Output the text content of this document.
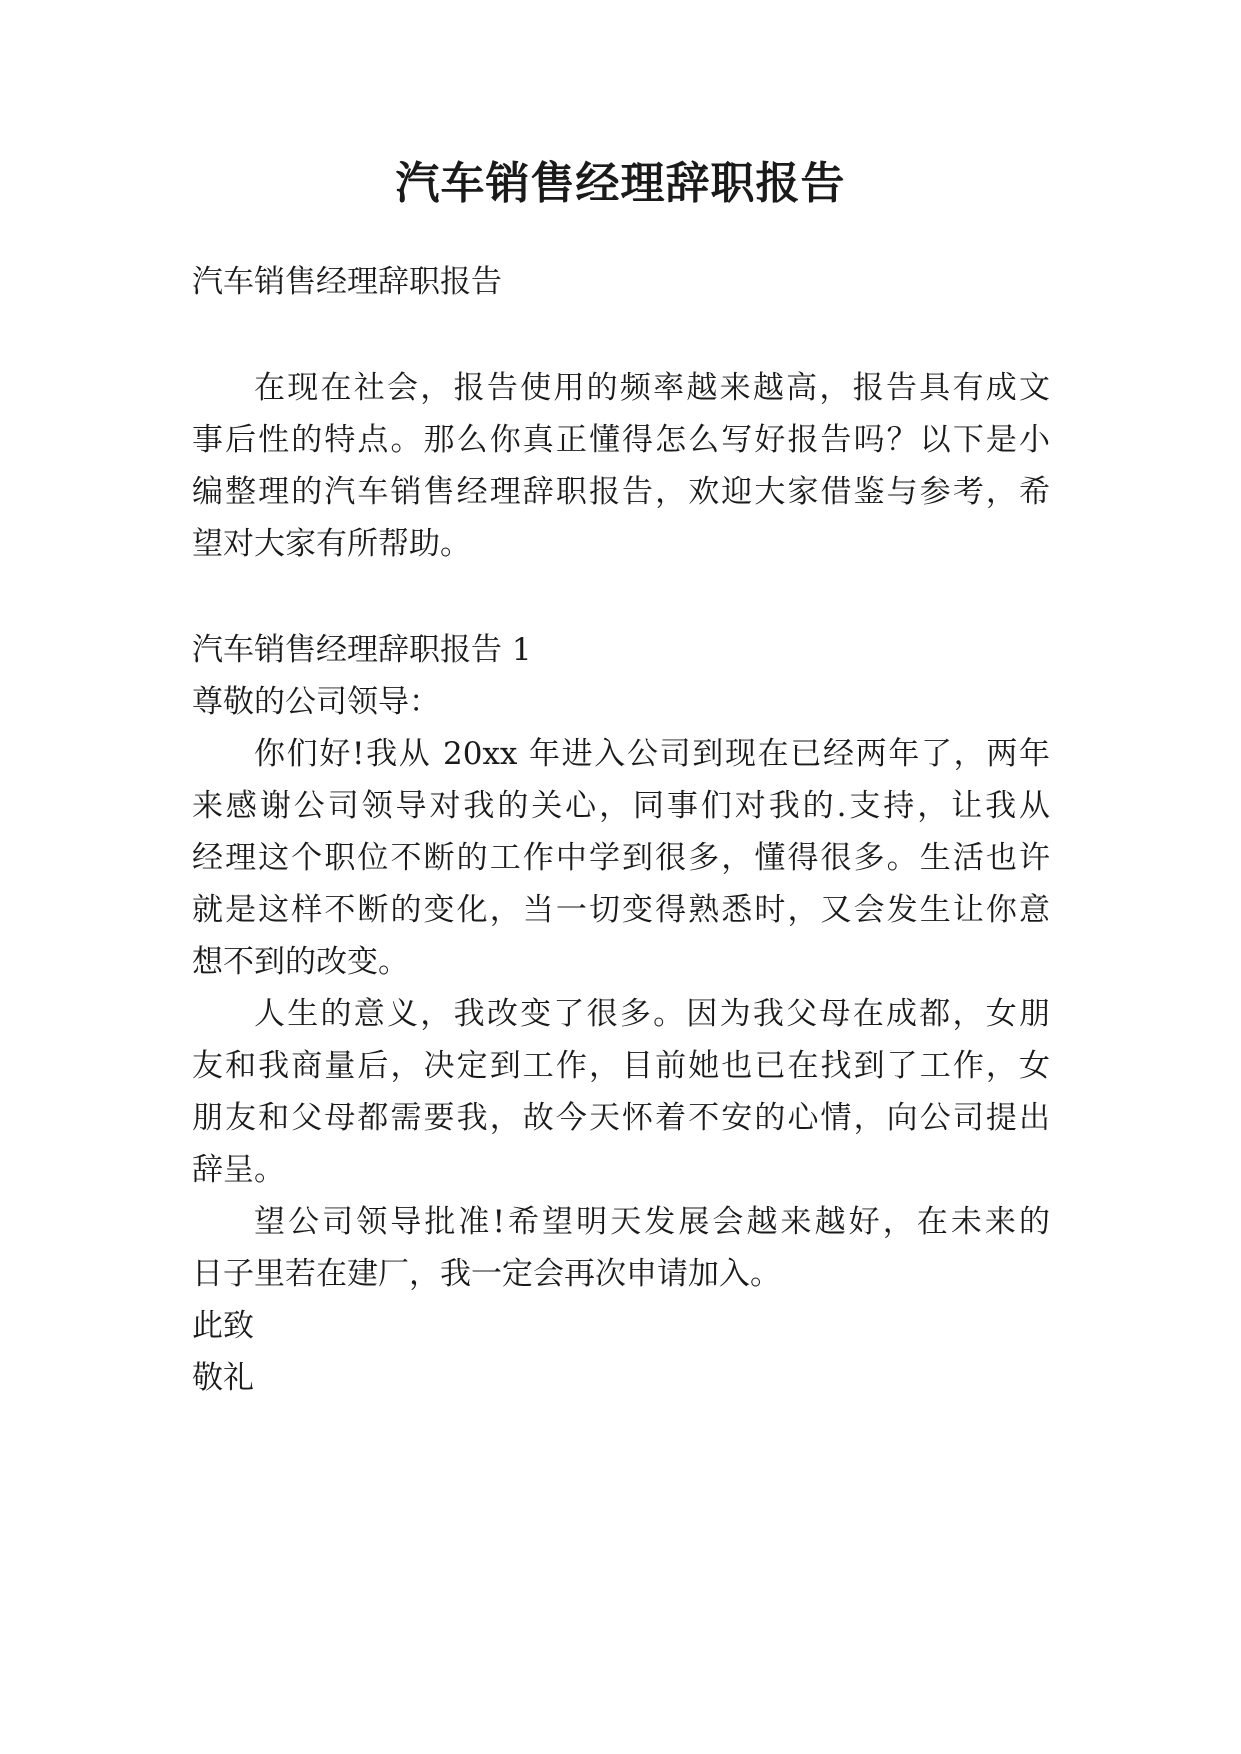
汽车销售经理辞职报告

汽车销售经理辞职报告

在现在社会，报告使用的频率越来越高，报告具有成文

事后性的特点。那么你真正懂得怎么写好报告吗？以下是小

编整理的汽车销售经理辞职报告，欢迎大家借鉴与参考，希

望对大家有所帮助。

汽车销售经理辞职报告 1

尊敬的公司领导：

你们好!我从 20xx 年进入公司到现在已经两年了，两年

来感谢公司领导对我的关心，同事们对我的.支持，让我从

经理这个职位不断的工作中学到很多，懂得很多。生活也许

就是这样不断的变化，当一切变得熟悉时，又会发生让你意

想不到的改变。

人生的意义，我改变了很多。因为我父母在成都，女朋

友和我商量后，决定到工作，目前她也已在找到了工作，女

朋友和父母都需要我，故今天怀着不安的心情，向公司提出

辞呈。

望公司领导批准!希望明天发展会越来越好，在未来的

日子里若在建厂，我一定会再次申请加入。

此致

敬礼
